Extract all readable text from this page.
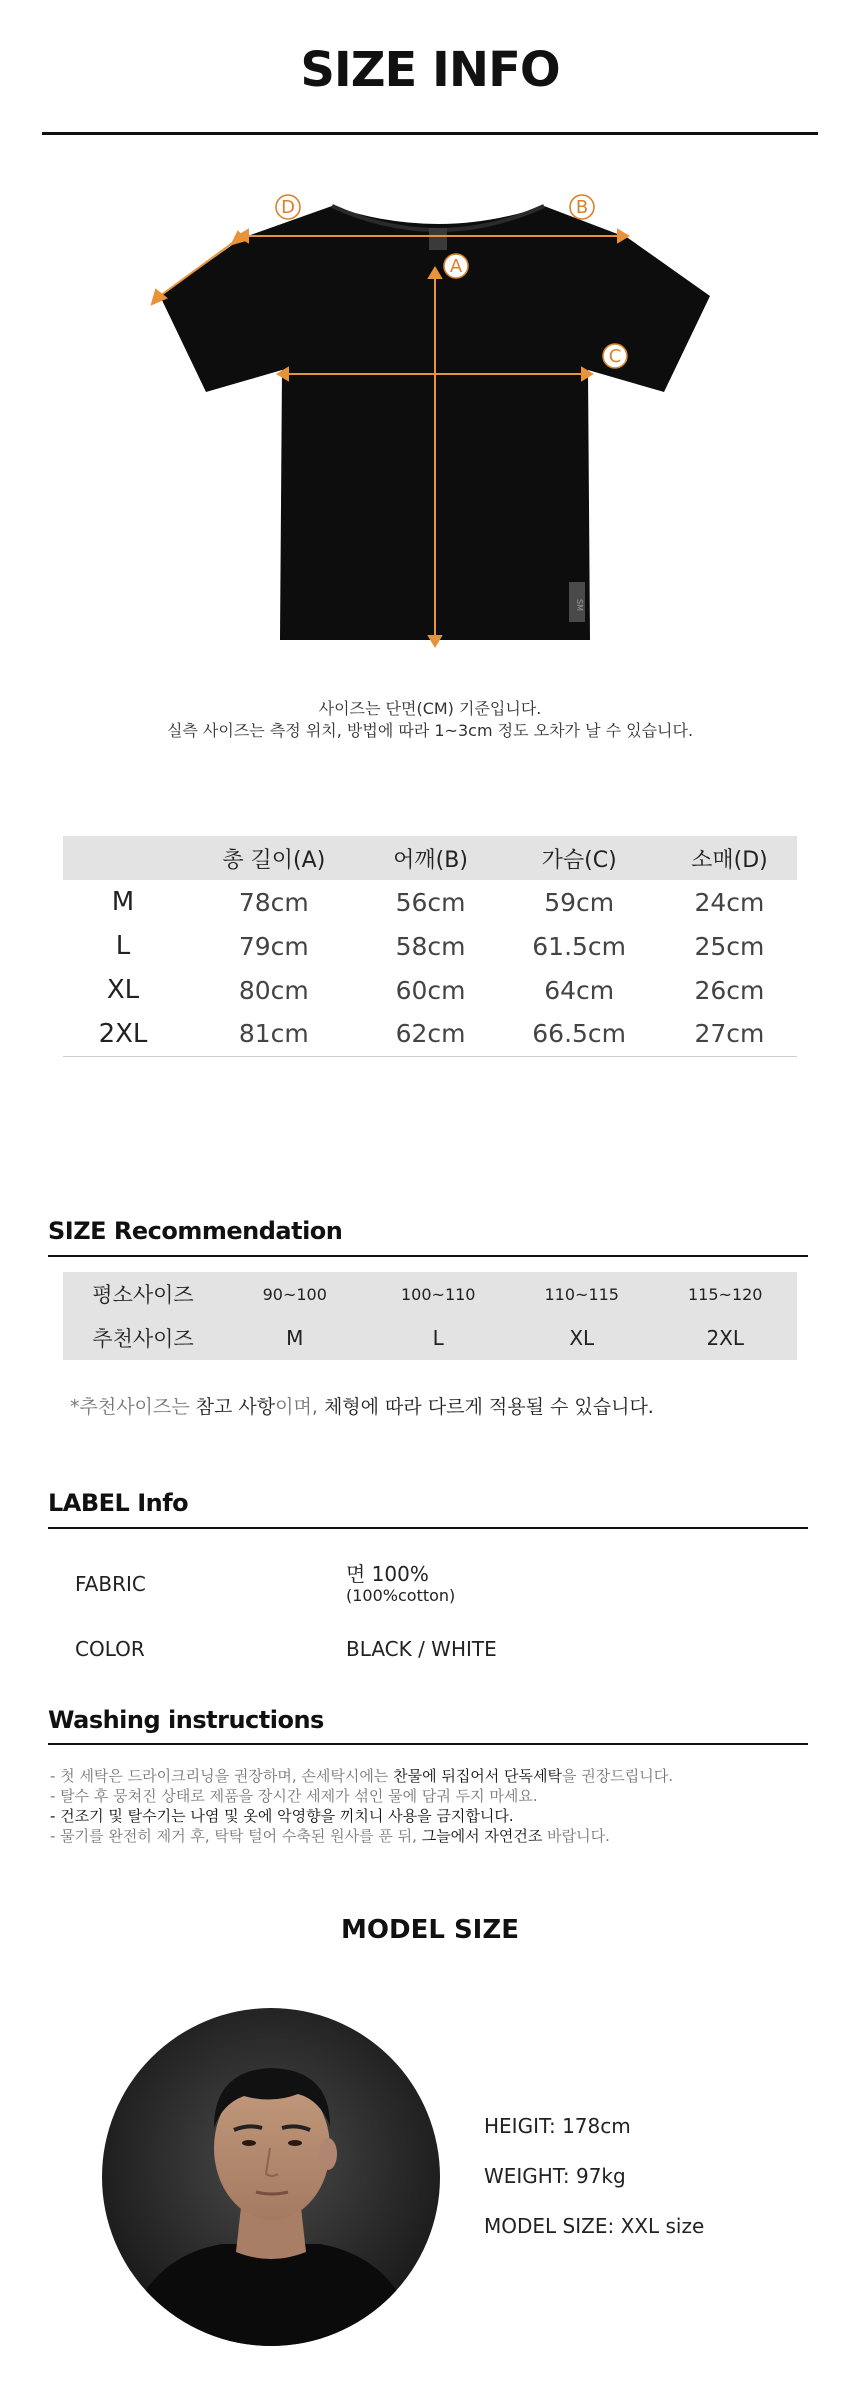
SIZE INFO
SM
A
B
C
D
사이즈는 단면(CM) 기준입니다.
실측 사이즈는 측정 위치, 방법에 따라 1~3cm 정도 오차가 날 수 있습니다.
	총 길이(A)	어깨(B)	가슴(C)	소매(D)
M	78cm	56cm	59cm	24cm
L	79cm	58cm	61.5cm	25cm
XL	80cm	60cm	64cm	26cm
2XL	81cm	62cm	66.5cm	27cm
SIZE Recommendation
평소사이즈	90~100	100~110	110~115	115~120
추천사이즈	M	L	XL	2XL
*추천사이즈는 참고 사항이며, 체형에 따라 다르게 적용될 수 있습니다.
LABEL Info
FABRIC	면 100%
(100%cotton)
COLOR	BLACK / WHITE
Washing instructions
- 첫 세탁은 드라이크리닝을 권장하며, 손세탁시에는 찬물에 뒤집어서 단독세탁을 권장드립니다.
- 탈수 후 뭉쳐진 상태로 제품을 장시간 세제가 섞인 물에 담궈 두지 마세요.
- 건조기 및 탈수기는 나염 및 옷에 악영향을 끼치니 사용을 금지합니다.
- 물기를 완전히 제거 후, 탁탁 털어 수축된 원사를 푼 뒤, 그늘에서 자연건조 바랍니다.
MODEL SIZE
HEIGIT: 178cm
WEIGHT: 97kg
MODEL SIZE: XXL size
